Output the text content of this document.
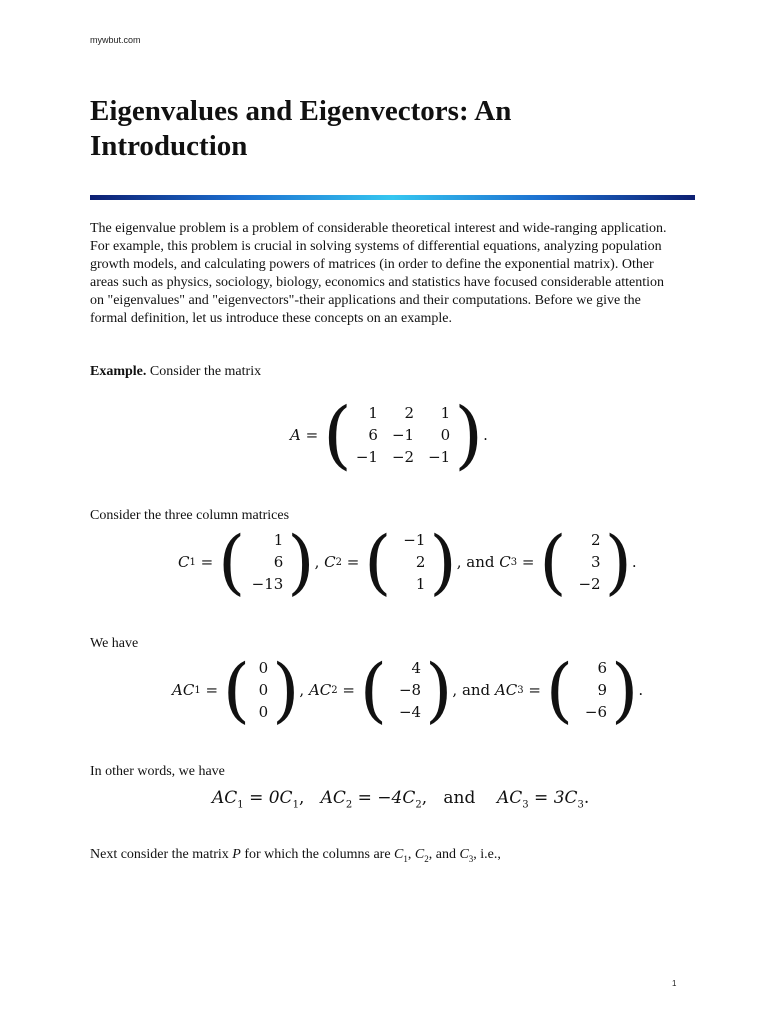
mywbut.com
Eigenvalues and Eigenvectors: An Introduction

The eigenvalue problem is a problem of considerable theoretical interest and wide-ranging application. For example, this problem is crucial in solving systems of differential equations, analyzing population growth models, and calculating powers of matrices (in order to define the exponential matrix). Other areas such as physics, sociology, biology, economics and statistics have focused considerable attention on "eigenvalues" and "eigenvectors"-their applications and their computations. Before we give the formal definition, let us introduce these concepts on an example.

Example. Consider the matrix

A = (	1	2	1
6 −1	0
−1 −2 −1 ) .

Consider the three column matrices

C 1 = (	1
6
−13 ) , C 2 = ( −1
2
1 ) , and
C 3 = (	2
3
−2 ) .

We have

AC 1 = ( 0
0
0 ) , AC 2 = (	4
−8
−4 ) , and
AC 3 = (	6
9
−6 ) .

In other words, we have

$AC_1 = 0C_1$,   $AC_2 = -4C_2$,   and $AC_3 = 3C_3$.

Next consider the matrix P for which the columns are $C_1$, $C_2$, and $C_3$, i.e.,

1
